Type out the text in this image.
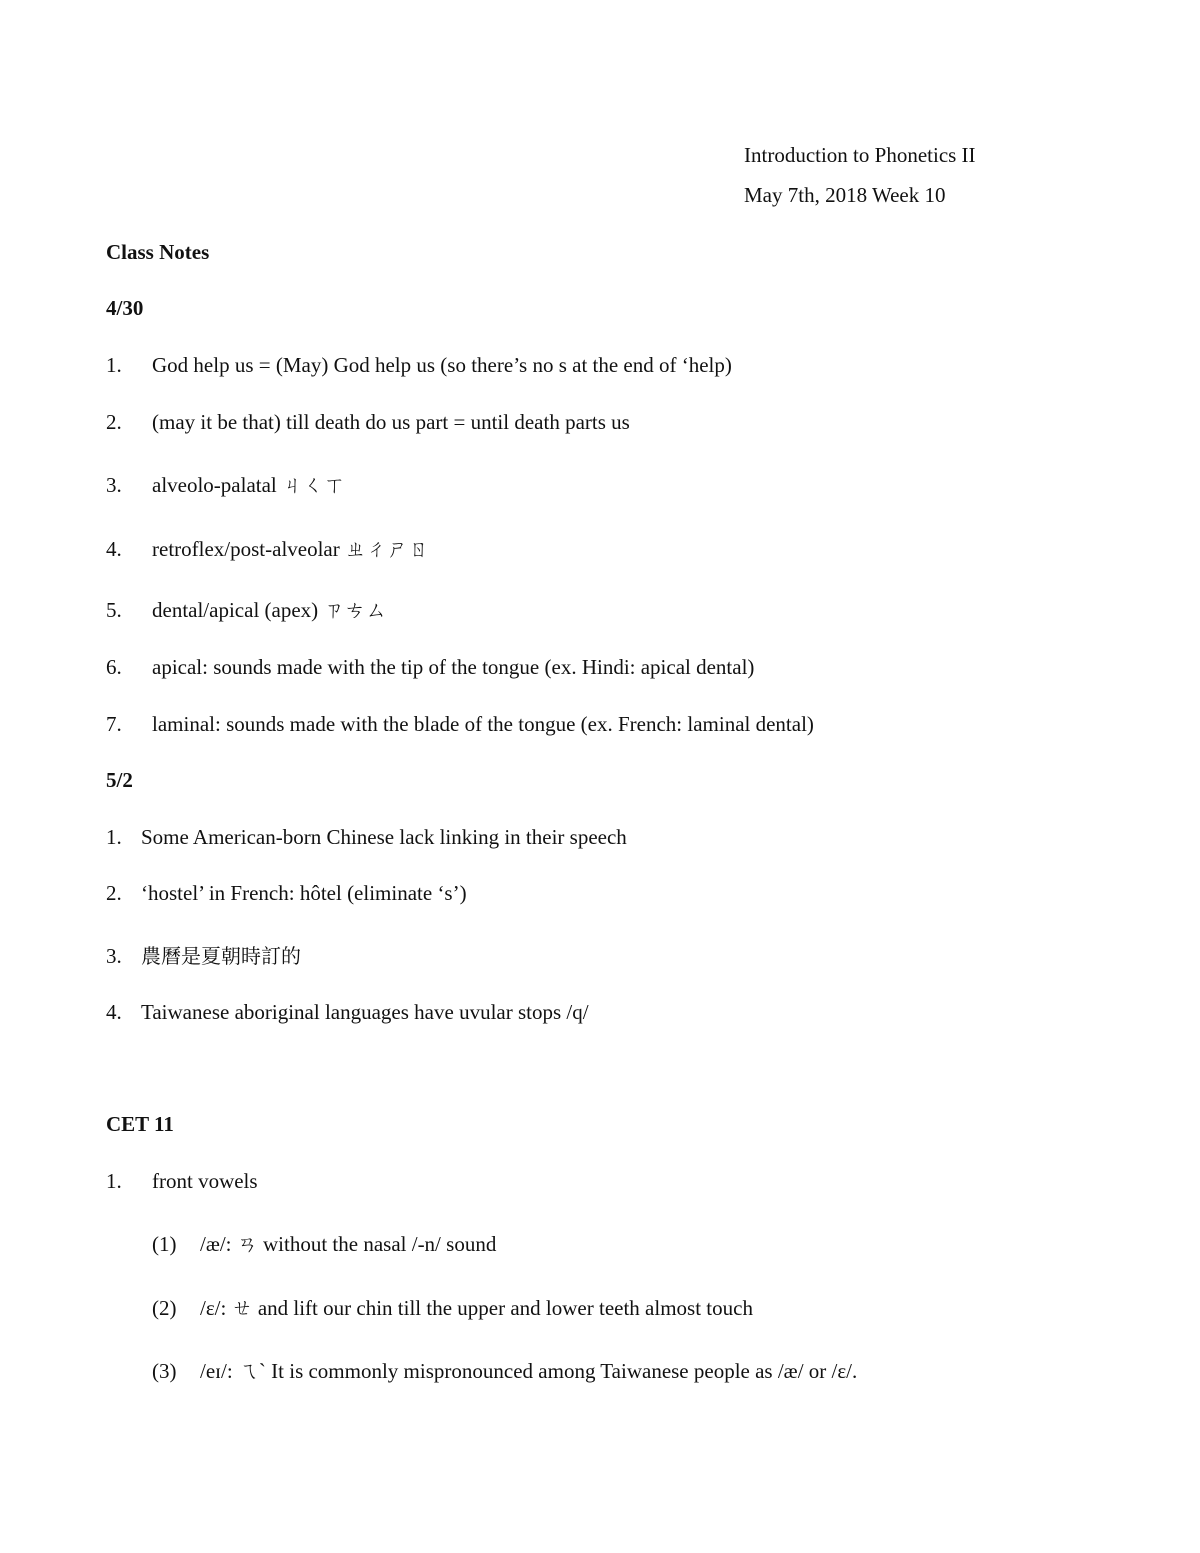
Introduction to Phonetics II
May 7th, 2018 Week 10
Class Notes
4/30
1. God help us = (May) God help us (so there’s no s at the end of ‘help)
2. (may it be that) till death do us part = until death parts us
3. alveolo-palatal ㄐㄑㄒ
4. retroflex/post-alveolar ㄓㄔㄕㄖ
5. dental/apical (apex) ㄗㄘㄙ
6. apical: sounds made with the tip of the tongue (ex. Hindi: apical dental)
7. laminal: sounds made with the blade of the tongue (ex. French: laminal dental)
5/2
1. Some American-born Chinese lack linking in their speech
2. ‘hostel’ in French: hôtel (eliminate ‘s’)
3. 農曆是夏朝時訂的
4. Taiwanese aboriginal languages have uvular stops /q/
CET 11
1. front vowels
(1) /æ/: ㄢ without the nasal /-n/ sound
(2) /ɛ/: ㄝ and lift our chin till the upper and lower teeth almost touch
(3) /eɪ/: ㄟˋ It is commonly mispronounced among Taiwanese people as /æ/ or /ɛ/.
